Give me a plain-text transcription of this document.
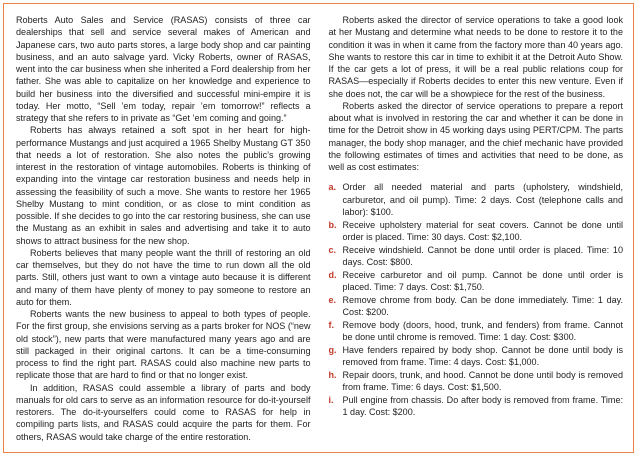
Roberts Auto Sales and Service (RASAS) consists of three car dealerships that sell and service several makes of American and Japanese cars, two auto parts stores, a large body shop and car painting business, and an auto salvage yard. Vicky Roberts, owner of RASAS, went into the car business when she inherited a Ford dealership from her father. She was able to capitalize on her knowledge and experience to build her business into the diversified and successful mini-empire it is today. Her motto, “Sell ’em today, repair ’em tomorrow!” reflects a strategy that she refers to in private as “Get ’em coming and going.”

Roberts has always retained a soft spot in her heart for high-performance Mustangs and just acquired a 1965 Shelby Mustang GT 350 that needs a lot of restoration. She also notes the public’s growing interest in the restoration of vintage automobiles. Roberts is thinking of expanding into the vintage car restoration business and needs help in assessing the feasibility of such a move. She wants to restore her 1965 Shelby Mustang to mint condition, or as close to mint condition as possible. If she decides to go into the car restoring business, she can use the Mustang as an exhibit in sales and advertising and take it to auto shows to attract business for the new shop.

Roberts believes that many people want the thrill of restoring an old car themselves, but they do not have the time to run down all the old parts. Still, others just want to own a vintage auto because it is different and many of them have plenty of money to pay someone to restore an auto for them.

Roberts wants the new business to appeal to both types of people. For the first group, she envisions serving as a parts broker for NOS (“new old stock”), new parts that were manufactured many years ago and are still packaged in their original cartons. It can be a time-consuming process to find the right part. RASAS could also machine new parts to replicate those that are hard to find or that no longer exist.

In addition, RASAS could assemble a library of parts and body manuals for old cars to serve as an information resource for do-it-yourself restorers. The do-it-yourselfers could come to RASAS for help in compiling parts lists, and RASAS could acquire the parts for them. For others, RASAS would take charge of the entire restoration.

Roberts asked the director of service operations to take a good look at her Mustang and determine what needs to be done to restore it to the condition it was in when it came from the factory more than 40 years ago. She wants to restore this car in time to exhibit it at the Detroit Auto Show. If the car gets a lot of press, it will be a real public relations coup for RASAS—especially if Roberts decides to enter this new venture. Even if she does not, the car will be a showpiece for the rest of the business.

Roberts asked the director of service operations to prepare a report about what is involved in restoring the car and whether it can be done in time for the Detroit show in 45 working days using PERT/CPM. The parts manager, the body shop manager, and the chief mechanic have provided the following estimates of times and activities that need to be done, as well as cost estimates:

a. Order all needed material and parts (upholstery, windshield, carburetor, and oil pump). Time: 2 days. Cost (telephone calls and labor): $100.
b. Receive upholstery material for seat covers. Cannot be done until order is placed. Time: 30 days. Cost: $2,100.
c. Receive windshield. Cannot be done until order is placed. Time: 10 days. Cost: $800.
d. Receive carburetor and oil pump. Cannot be done until order is placed. Time: 7 days. Cost: $1,750.
e. Remove chrome from body. Can be done immediately. Time: 1 day. Cost: $200.
f. Remove body (doors, hood, trunk, and fenders) from frame. Cannot be done until chrome is removed. Time: 1 day. Cost: $300.
g. Have fenders repaired by body shop. Cannot be done until body is removed from frame. Time: 4 days. Cost: $1,000.
h. Repair doors, trunk, and hood. Cannot be done until body is removed from frame. Time: 6 days. Cost: $1,500.
i. Pull engine from chassis. Do after body is removed from frame. Time: 1 day. Cost: $200.
